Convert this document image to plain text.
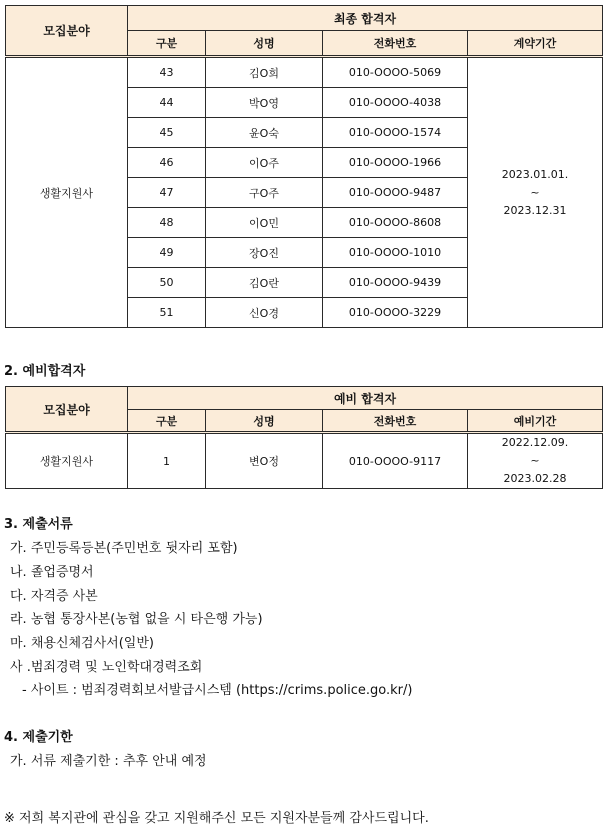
모집분야	최종 합격자			
	구분	성명	전화번호	계약기간
생활지원사	43	김O희	010-OOOO-5069	2023.01.01.
~
2023.12.31

	44	박O영	010-OOOO-4038	
	45	윤O숙	010-OOOO-1574	
	46	이O주	010-OOOO-1966	
	47	구O주	010-OOOO-9487	
	48	이O민	010-OOOO-8608	
	49	장O진	010-OOOO-1010	
	50	김O란	010-OOOO-9439	
	51	신O경	010-OOOO-3229	
2. 예비합격자
모집분야	예비 합격자			
	구분	성명	전화번호	예비기간
생활지원사	1	변O정	010-OOOO-9117	2022.12.09.
~
2023.02.28
3. 제출서류
가. 주민등록등본(주민번호 뒷자리 포함)
나. 졸업증명서
다. 자격증 사본
라. 농협 통장사본(농협 없을 시 타은행 가능)
마. 채용신체검사서(일반)
사 .범죄경력 및 노인학대경력조회
- 사이트 : 범죄경력회보서발급시스템 (https://crims.police.go.kr/)
4. 제출기한
가. 서류 제출기한 : 추후 안내 예정
※ 저희 복지관에 관심을 갖고 지원해주신 모든 지원자분들께 감사드립니다.
